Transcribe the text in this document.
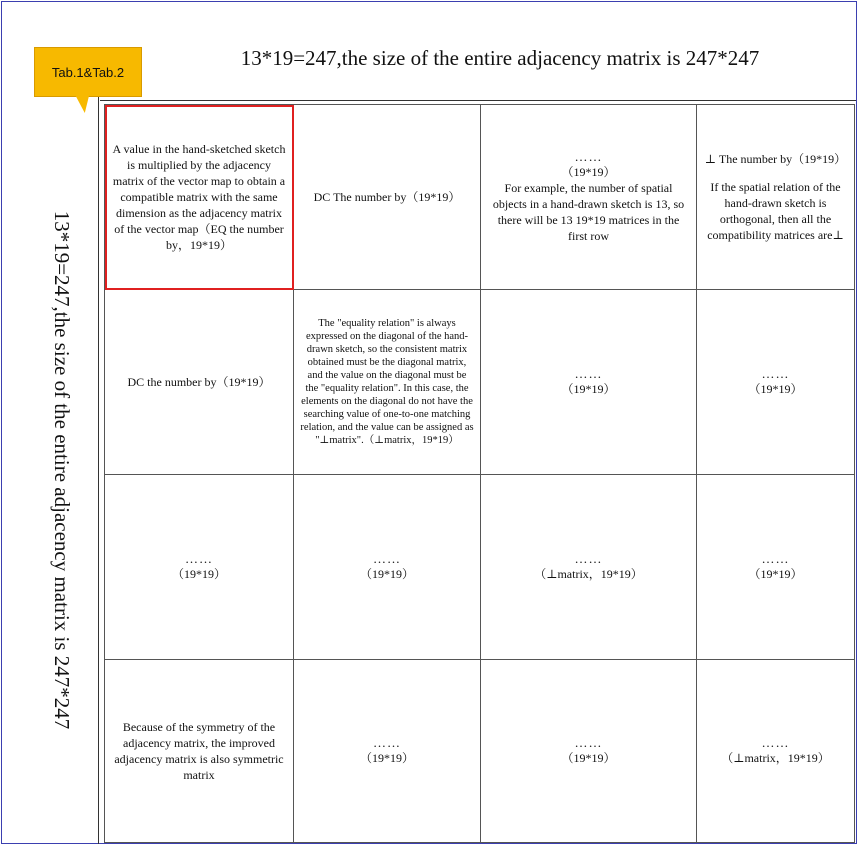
13*19=247,the size of the entire adjacency matrix is 247*247
13*19=247,the size of the entire adjacency matrix is 247*247

A value in the hand-sketched sketch is multiplied by the adjacency matrix of the vector map to obtain a compatible matrix with the same dimension as the adjacency matrix of the vector map（EQ the number by，19*19）

DC The number by（19*19）

……

（19*19）

For example, the number of spatial objects in a hand-drawn sketch is 13, so there will be 13 19*19 matrices in the first row

⊥ The number by（19*19）

If the spatial relation of the hand-drawn sketch is orthogonal, then all the compatibility matrices are⊥

DC the number by（19*19）

The "equality relation" is always expressed on the diagonal of the hand-drawn sketch, so the consistent matrix obtained must be the diagonal matrix, and the value on the diagonal must be the "equality relation". In this case, the elements on the diagonal do not have the searching value of one-to-one matching relation, and the value can be assigned as "⊥matrix".（⊥matrix，19*19）

……

（19*19）

……

（19*19）

……

（19*19）

……

（19*19）

……

（⊥matrix，19*19）

……

（19*19）

Because of the symmetry of the adjacency matrix, the improved adjacency matrix is also symmetric matrix

……

（19*19）

……

（19*19）

……

（⊥matrix，19*19）

Tab.1&Tab.2
